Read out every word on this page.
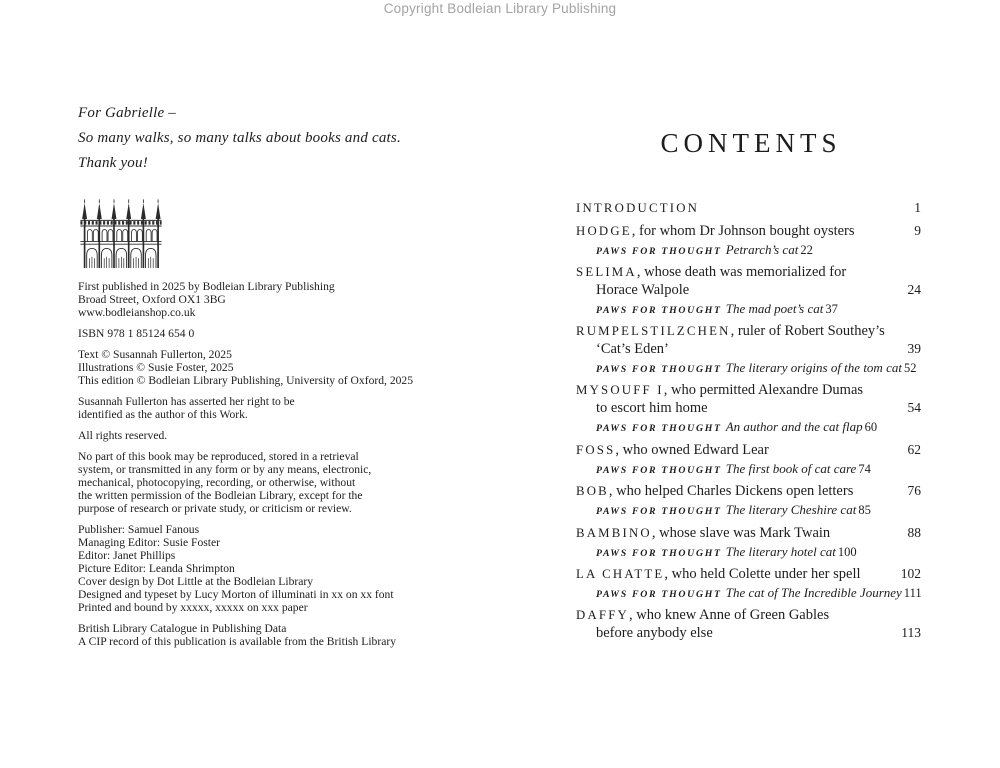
Copyright Bodleian Library Publishing
For Gabrielle –
So many walks, so many talks about books and cats.
Thank you!

First published in 2025 by Bodleian Library Publishing
Broad Street, Oxford OX1 3BG
www.bodleianshop.co.uk

ISBN 978 1 85124 654 0

Text © Susannah Fullerton, 2025
Illustrations © Susie Foster, 2025
This edition © Bodleian Library Publishing, University of Oxford, 2025

Susannah Fullerton has asserted her right to be
identified as the author of this Work.

All rights reserved.

No part of this book may be reproduced, stored in a retrieval
system, or transmitted in any form or by any means, electronic,
mechanical, photocopying, recording, or otherwise, without
the written permission of the Bodleian Library, except for the
purpose of research or private study, or criticism or review.

Publisher: Samuel Fanous
Managing Editor: Susie Foster
Editor: Janet Phillips
Picture Editor: Leanda Shrimpton
Cover design by Dot Little at the Bodleian Library
Designed and typeset by Lucy Morton of illuminati in xx on xx font
Printed and bound by xxxxx, xxxxx on xxx paper

British Library Catalogue in Publishing Data
A CIP record of this publication is available from the British Library

CONTENTS
INTRODUCTION	1
HODGE, for whom Dr Johnson bought oysters	9
PAWS FOR THOUGHT Petrarch’s cat 22
SELIMA, whose death was memorialized for
Horace Walpole	24
PAWS FOR THOUGHT The mad poet’s cat 37
RUMPELSTILZCHEN, ruler of Robert Southey’s
‘Cat’s Eden’	39
PAWS FOR THOUGHT The literary origins of the tom cat 52
MYSOUFF I, who permitted Alexandre Dumas
to escort him home	54
PAWS FOR THOUGHT An author and the cat flap 60
FOSS, who owned Edward Lear	62
PAWS FOR THOUGHT The first book of cat care 74
BOB, who helped Charles Dickens open letters	76
PAWS FOR THOUGHT The literary Cheshire cat 85
BAMBINO, whose slave was Mark Twain	88
PAWS FOR THOUGHT The literary hotel cat 100
LA CHATTE, who held Colette under her spell	102
PAWS FOR THOUGHT The cat of The Incredible Journey 111
DAFFY, who knew Anne of Green Gables
before anybody else	113
